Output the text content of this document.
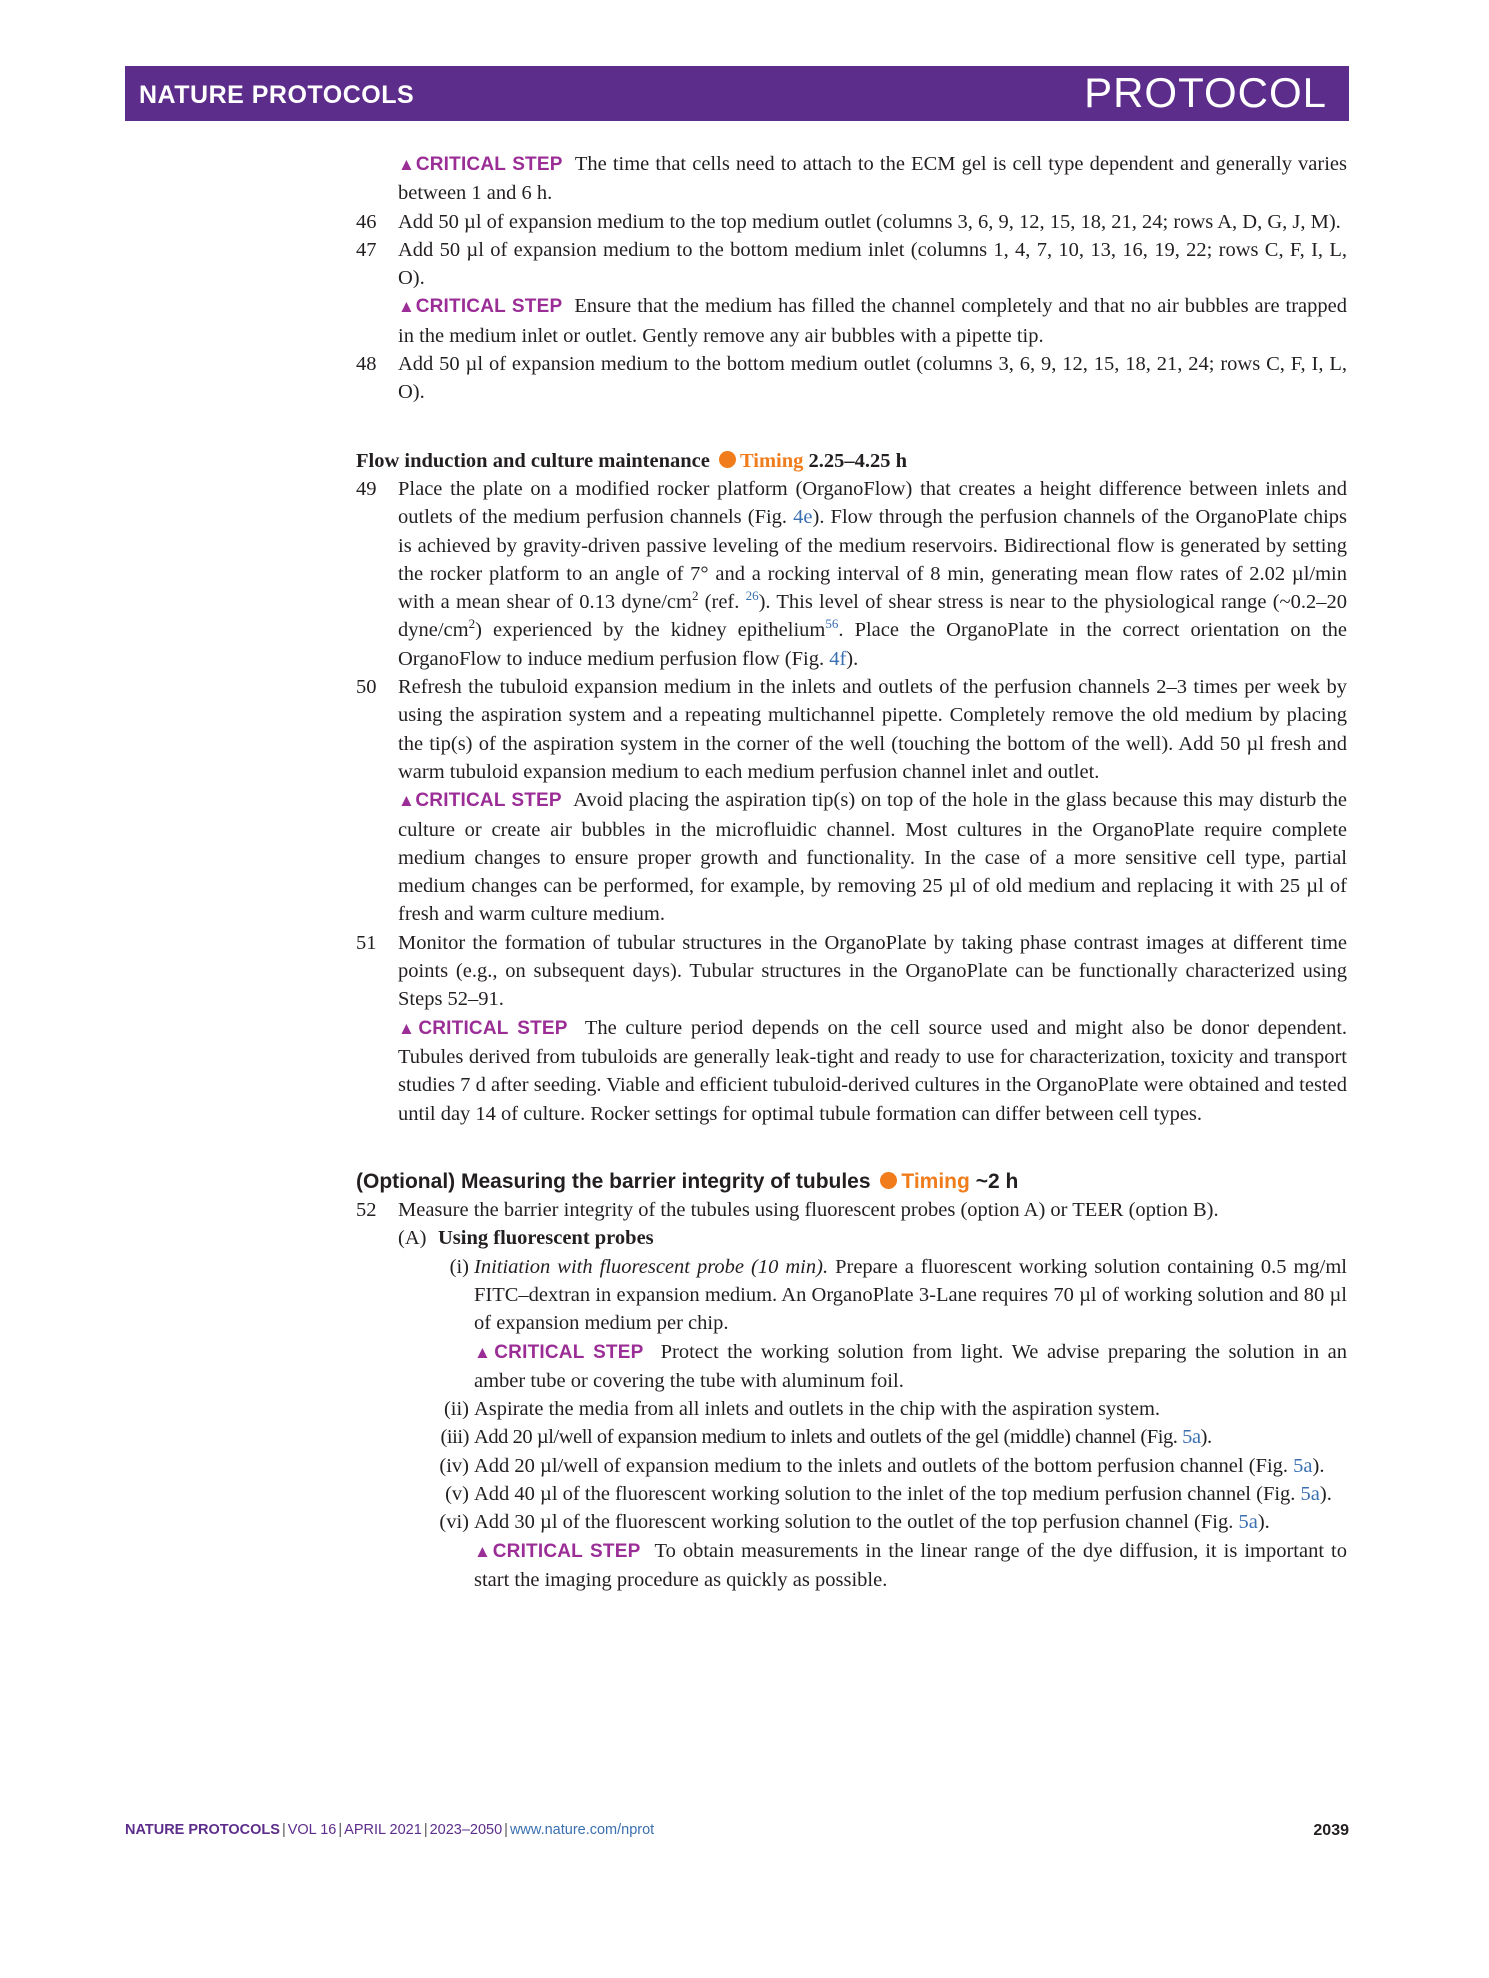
NATURE PROTOCOLS	PROTOCOL

▲CRITICAL STEP The time that cells need to attach to the ECM gel is cell type dependent and generally varies between 1 and 6 h.

46 Add 50 µl of expansion medium to the top medium outlet (columns 3, 6, 9, 12, 15, 18, 21, 24; rows A, D, G, J, M).

47 Add 50 µl of expansion medium to the bottom medium inlet (columns 1, 4, 7, 10, 13, 16, 19, 22; rows C, F, I, L, O).

▲CRITICAL STEP Ensure that the medium has filled the channel completely and that no air bubbles are trapped in the medium inlet or outlet. Gently remove any air bubbles with a pipette tip.

48 Add 50 µl of expansion medium to the bottom medium outlet (columns 3, 6, 9, 12, 15, 18, 21, 24; rows C, F, I, L, O).

Flow induction and culture maintenance Timing 2.25–4.25 h

49 Place the plate on a modified rocker platform (OrganoFlow) that creates a height difference between inlets and outlets of the medium perfusion channels (Fig. 4e). Flow through the perfusion channels of the OrganoPlate chips is achieved by gravity-driven passive leveling of the medium reservoirs. Bidirectional flow is generated by setting the rocker platform to an angle of 7° and a rocking interval of 8 min, generating mean flow rates of 2.02 µl/min with a mean shear of 0.13 dyne/$cm^2$ (ref. $^{26}$). This level of shear stress is near to the physiological range (~0.2–20 dyne/$cm^2$) experienced by the kidney epithelium$^{56}$. Place the OrganoPlate in the correct orientation on the OrganoFlow to induce medium perfusion flow (Fig. 4f).

50 Refresh the tubuloid expansion medium in the inlets and outlets of the perfusion channels 2–3 times per week by using the aspiration system and a repeating multichannel pipette. Completely remove the old medium by placing the tip(s) of the aspiration system in the corner of the well (touching the bottom of the well). Add 50 µl fresh and warm tubuloid expansion medium to each medium perfusion channel inlet and outlet.

▲CRITICAL STEP Avoid placing the aspiration tip(s) on top of the hole in the glass because this may disturb the culture or create air bubbles in the microfluidic channel. Most cultures in the OrganoPlate require complete medium changes to ensure proper growth and functionality. In the case of a more sensitive cell type, partial medium changes can be performed, for example, by removing 25 µl of old medium and replacing it with 25 µl of fresh and warm culture medium.

51 Monitor the formation of tubular structures in the OrganoPlate by taking phase contrast images at different time points (e.g., on subsequent days). Tubular structures in the OrganoPlate can be functionally characterized using Steps 52–91.

▲CRITICAL STEP The culture period depends on the cell source used and might also be donor dependent. Tubules derived from tubuloids are generally leak-tight and ready to use for characterization, toxicity and transport studies 7 d after seeding. Viable and efficient tubuloid-derived cultures in the OrganoPlate were obtained and tested until day 14 of culture. Rocker settings for optimal tubule formation can differ between cell types.

(Optional) Measuring the barrier integrity of tubules Timing ~2 h

52 Measure the barrier integrity of the tubules using fluorescent probes (option A) or TEER (option B).

(A) Using fluorescent probes

(i) Initiation with fluorescent probe (10 min). Prepare a fluorescent working solution containing 0.5 mg/ml FITC–dextran in expansion medium. An OrganoPlate 3-Lane requires 70 µl of working solution and 80 µl of expansion medium per chip.

▲CRITICAL STEP Protect the working solution from light. We advise preparing the solution in an amber tube or covering the tube with aluminum foil.

(ii) Aspirate the media from all inlets and outlets in the chip with the aspiration system.

(iii) Add 20 µl/well of expansion medium to inlets and outlets of the gel (middle) channel (Fig. 5a).

(iv) Add 20 µl/well of expansion medium to the inlets and outlets of the bottom perfusion channel (Fig. 5a).

(v) Add 40 µl of the fluorescent working solution to the inlet of the top medium perfusion channel (Fig. 5a).

(vi) Add 30 µl of the fluorescent working solution to the outlet of the top perfusion channel (Fig. 5a).

▲CRITICAL STEP To obtain measurements in the linear range of the dye diffusion, it is important to start the imaging procedure as quickly as possible.

NATURE PROTOCOLS | VOL 16 | APRIL 2021 | 2023–2050 | www.nature.com/nprot	2039
